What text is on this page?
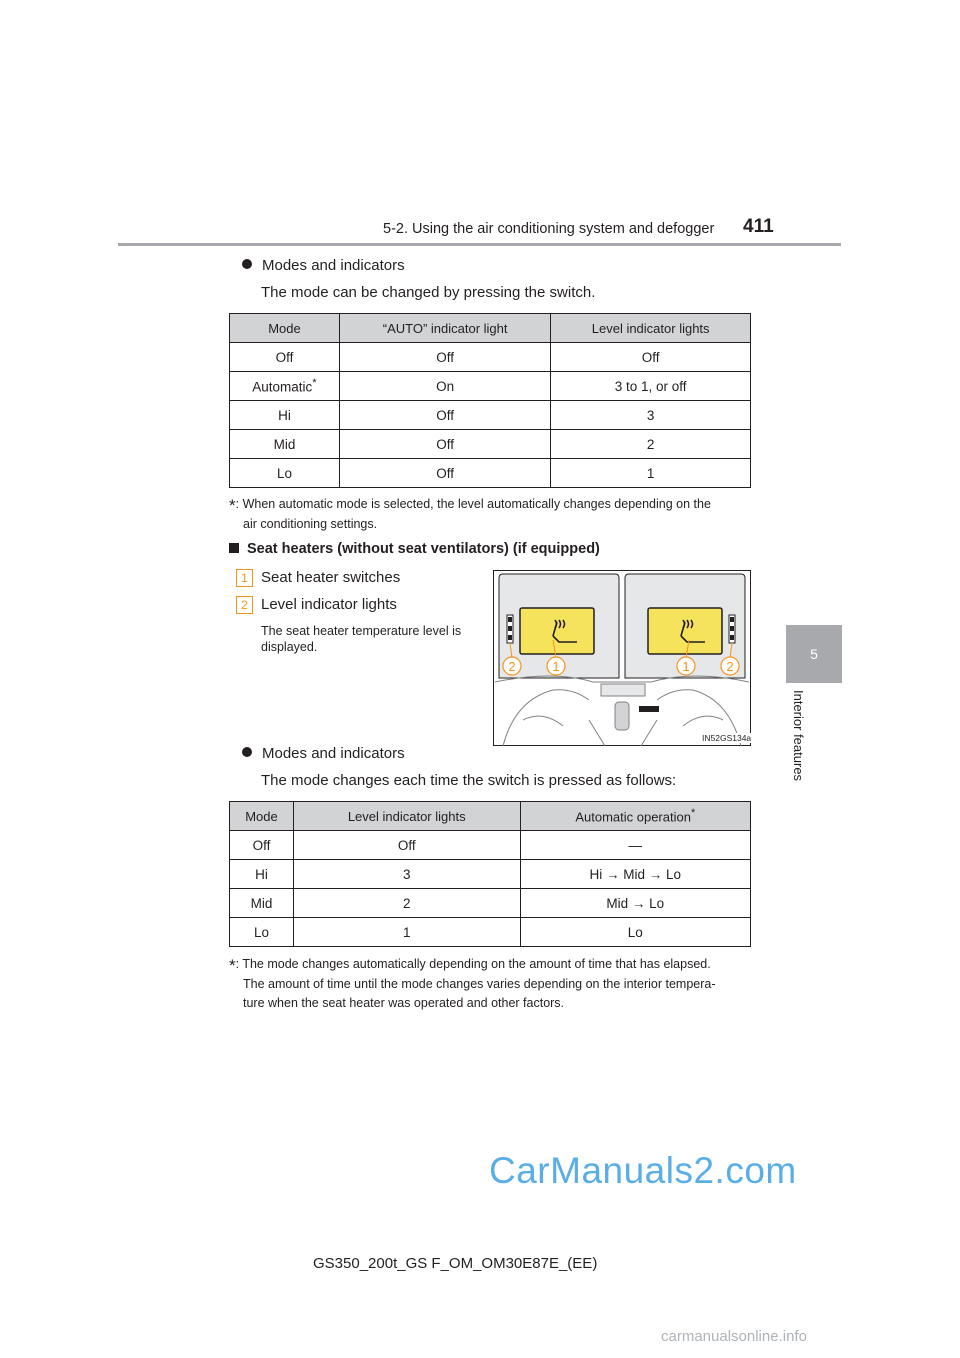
5-2. Using the air conditioning system and defogger 411
5
Interior features
Modes and indicators
The mode can be changed by pressing the switch.
Mode	“AUTO” indicator light	Level indicator lights
Off	Off	Off
Automatic*	On	3 to 1, or off
Hi	Off	3
Mid	Off	2
Lo	Off	1
*: When automatic mode is selected, the level automatically changes depending on the
air conditioning settings.
Seat heaters (without seat ventilators) (if equipped)
1 Seat heater switches
2 Level indicator lights
The seat heater temperature level is displayed.
2	1	1	2
IN52GS134a
Modes and indicators
The mode changes each time the switch is pressed as follows:
Mode	Level indicator lights	Automatic operation*
Off	Off	—
Hi	3	Hi → Mid → Lo
Mid	2	Mid → Lo
Lo	1	Lo
*: The mode changes automatically depending on the amount of time that has elapsed.
The amount of time until the mode changes varies depending on the interior tempera-
ture when the seat heater was operated and other factors.
GS350_200t_GS F_OM_OM30E87E_(EE)
CarManuals2.com
carmanualsonline.info
